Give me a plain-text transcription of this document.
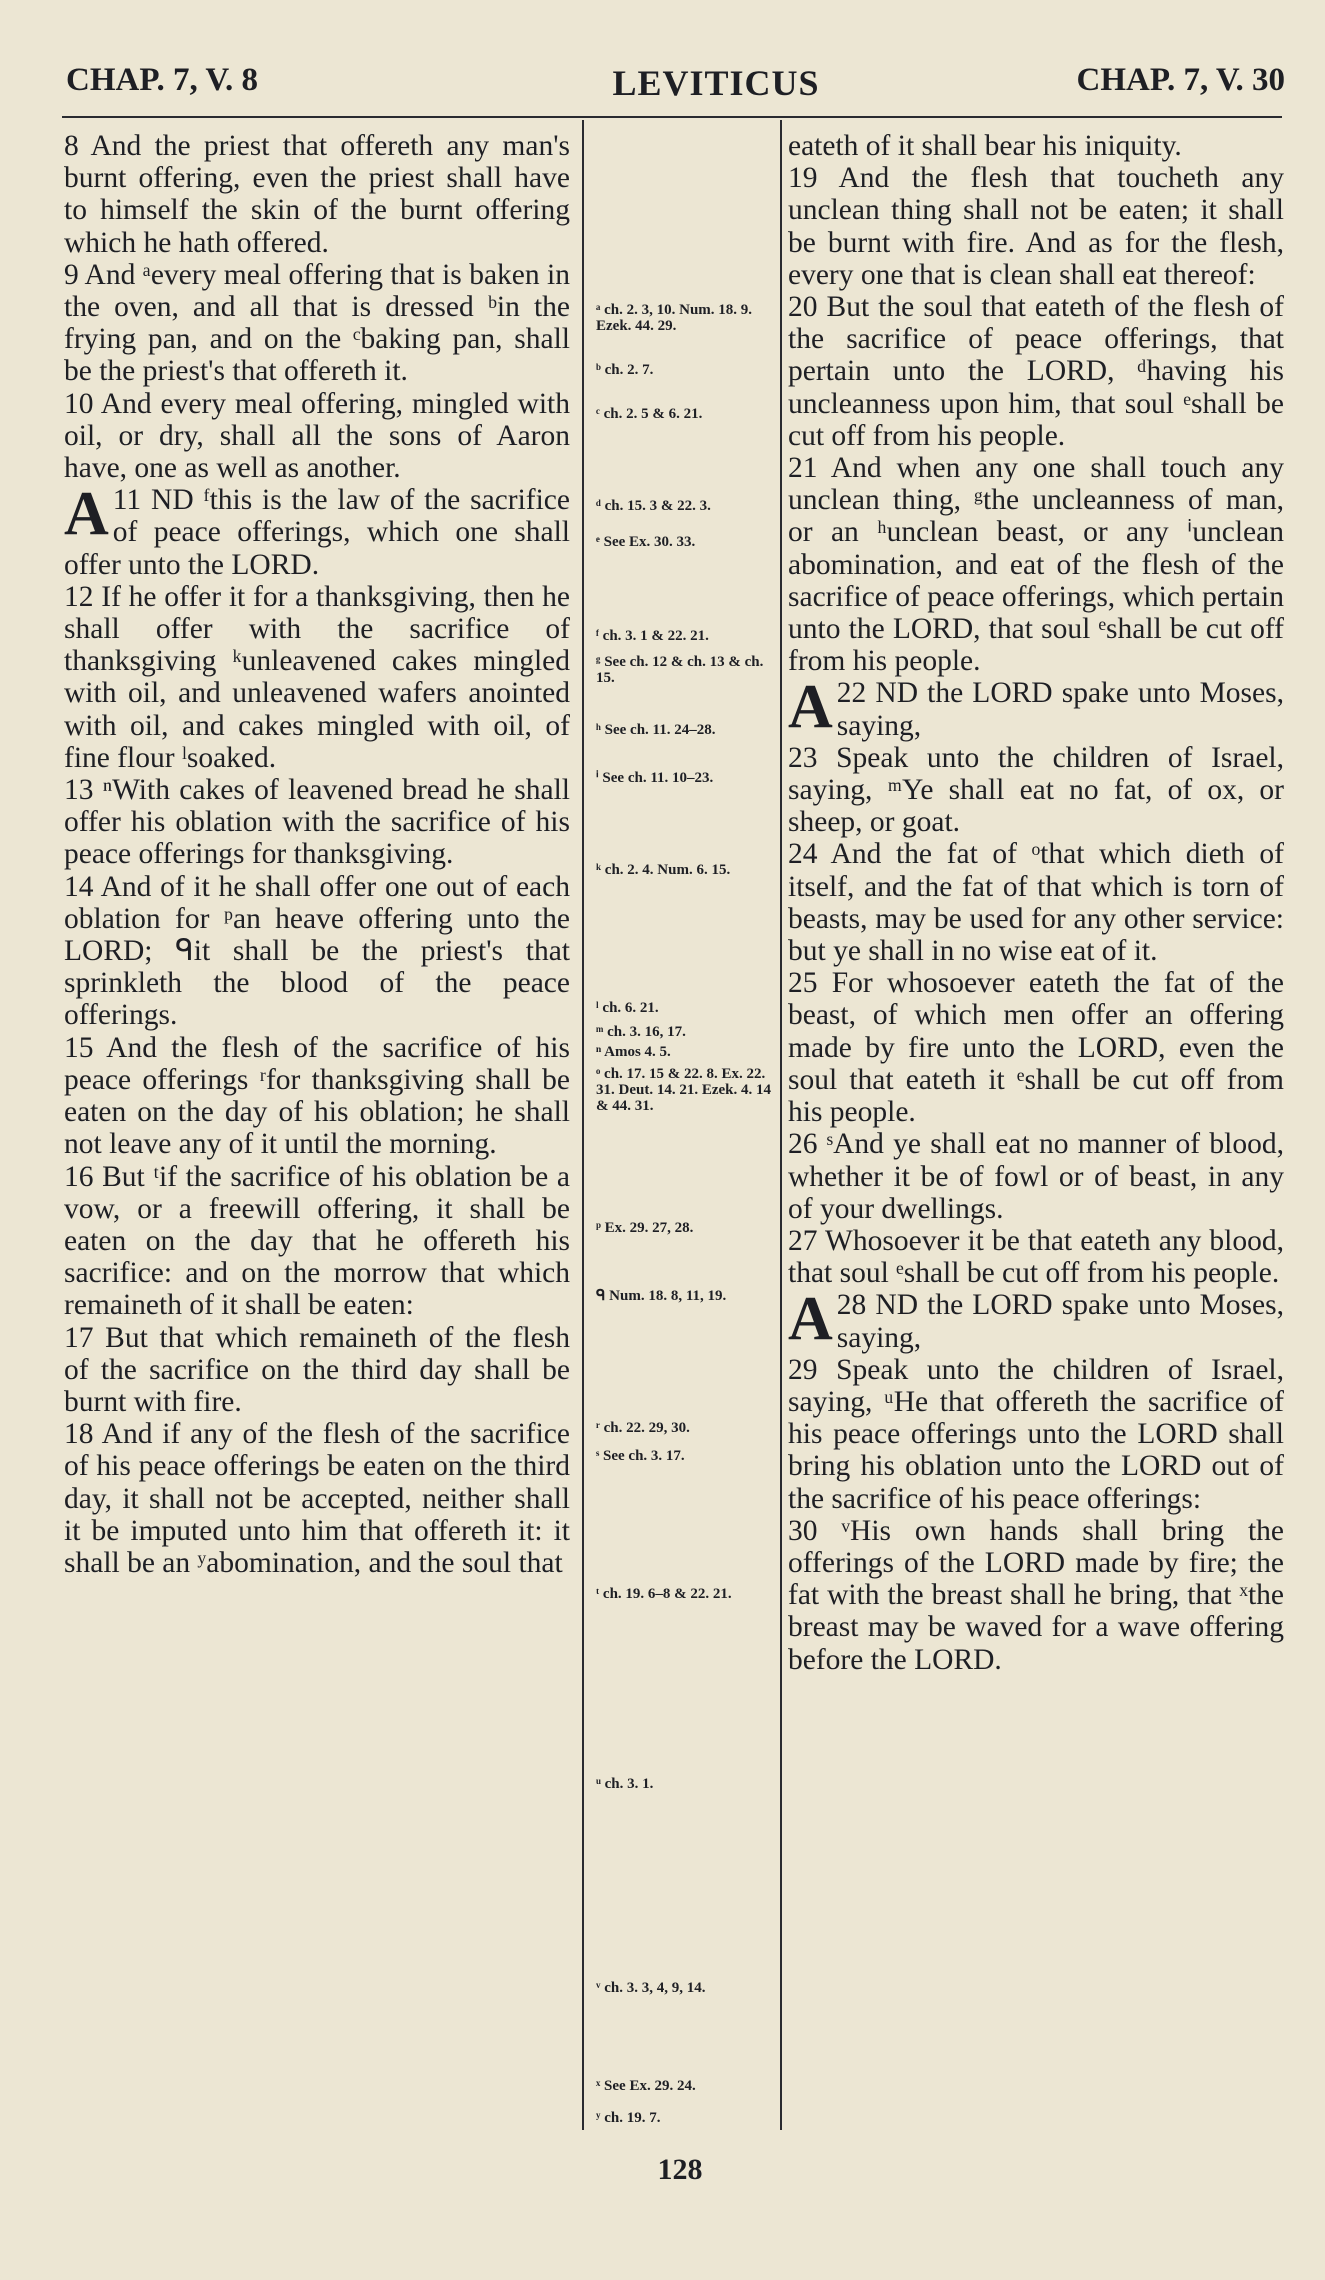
CHAP. 7, V. 8	LEVITICUS	CHAP. 7, V. 30

8 And the priest that offereth any man's burnt offering, even the priest shall have to himself the skin of the burnt offering which he hath offered.

9 And ᵃevery meal offering that is baken in the oven, and all that is dressed ᵇin the frying pan, and on the ᶜbaking pan, shall be the priest's that offereth it.

10 And every meal offering, mingled with oil, or dry, shall all the sons of Aaron have, one as well as another.

A 11 ND ᶠthis is the law of the sacrifice of peace offerings, which one shall offer unto the LORD.

12 If he offer it for a thanksgiving, then he shall offer with the sacrifice of thanksgiving ᵏunleavened cakes mingled with oil, and unleavened wafers anointed with oil, and cakes mingled with oil, of fine flour ˡsoaked.

13 ⁿWith cakes of leavened bread he shall offer his oblation with the sacrifice of his peace offerings for thanksgiving.

14 And of it he shall offer one out of each oblation for ᵖan heave offering unto the LORD; ᑫit shall be the priest's that sprinkleth the blood of the peace offerings.

15 And the flesh of the sacrifice of his peace offerings ʳfor thanksgiving shall be eaten on the day of his oblation; he shall not leave any of it until the morning.

16 But ᵗif the sacrifice of his oblation be a vow, or a freewill offering, it shall be eaten on the day that he offereth his sacrifice: and on the morrow that which remaineth of it shall be eaten:

17 But that which remaineth of the flesh of the sacrifice on the third day shall be burnt with fire.

18 And if any of the flesh of the sacrifice of his peace offerings be eaten on the third day, it shall not be accepted, neither shall it be imputed unto him that offereth it: it shall be an ʸabomination, and the soul that

ᵃ ch. 2. 3, 10. Num. 18. 9. Ezek. 44. 29.
ᵇ ch. 2. 7.
ᶜ ch. 2. 5 & 6. 21.
ᵈ ch. 15. 3 & 22. 3.
ᵉ See Ex. 30. 33.
ᶠ ch. 3. 1 & 22. 21.
ᵍ See ch. 12 & ch. 13 & ch. 15.
ʰ See ch. 11. 24–28.
ⁱ See ch. 11. 10–23.
ᵏ ch. 2. 4. Num. 6. 15.
ˡ ch. 6. 21.
ᵐ ch. 3. 16, 17.
ⁿ Amos 4. 5.
ᵒ ch. 17. 15 & 22. 8. Ex. 22. 31. Deut. 14. 21. Ezek. 4. 14 & 44. 31.
ᵖ Ex. 29. 27, 28.
ᑫ Num. 18. 8, 11, 19.
ʳ ch. 22. 29, 30.
ˢ See ch. 3. 17.
ᵗ ch. 19. 6–8 & 22. 21.
ᵘ ch. 3. 1.
ᵛ ch. 3. 3, 4, 9, 14.
ˣ See Ex. 29. 24.
ʸ ch. 19. 7.

eateth of it shall bear his iniquity.

19 And the flesh that toucheth any unclean thing shall not be eaten; it shall be burnt with fire. And as for the flesh, every one that is clean shall eat thereof:

20 But the soul that eateth of the flesh of the sacrifice of peace offerings, that pertain unto the LORD, ᵈhaving his uncleanness upon him, that soul ᵉshall be cut off from his people.

21 And when any one shall touch any unclean thing, ᵍthe uncleanness of man, or an ʰunclean beast, or any ⁱunclean abomination, and eat of the flesh of the sacrifice of peace offerings, which pertain unto the LORD, that soul ᵉshall be cut off from his people.

A 22 ND the LORD spake unto Moses, saying,

23 Speak unto the children of Israel, saying, ᵐYe shall eat no fat, of ox, or sheep, or goat.

24 And the fat of ᵒthat which dieth of itself, and the fat of that which is torn of beasts, may be used for any other service: but ye shall in no wise eat of it.

25 For whosoever eateth the fat of the beast, of which men offer an offering made by fire unto the LORD, even the soul that eateth it ᵉshall be cut off from his people.

26 ˢAnd ye shall eat no manner of blood, whether it be of fowl or of beast, in any of your dwellings.

27 Whosoever it be that eateth any blood, that soul ᵉshall be cut off from his people.

A 28 ND the LORD spake unto Moses, saying,

29 Speak unto the children of Israel, saying, ᵘHe that offereth the sacrifice of his peace offerings unto the LORD shall bring his oblation unto the LORD out of the sacrifice of his peace offerings:

30 ᵛHis own hands shall bring the offerings of the LORD made by fire; the fat with the breast shall he bring, that ˣthe breast may be waved for a wave offering before the LORD.

128
